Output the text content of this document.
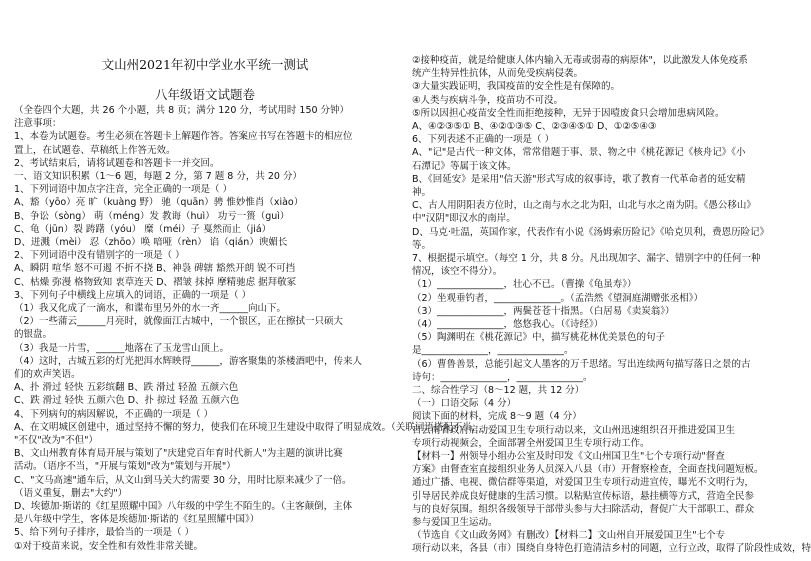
文山州2021年初中学业水平统一测试
八年级语文试题卷
（全卷四个大题，共 26 个小题，共 8 页；满分 120 分，考试用时 150 分钟）
注意事项：
1、本卷为试题卷。考生必须在答题卡上解题作答。答案应书写在答题卡的相应位
置上，在试题卷、草稿纸上作答无效。
2、考试结束后，请将试题卷和答题卡一并交回。
一、语文知识积累（1～6 题，每题 2 分，第 7 题 8 分，共 20 分）
1、下列词语中加点字注音，完全正确的一项是（ ）
A、豁（yōo）亮 旷（kuàng 野） 驰（quān）骋 惟妙惟肖（xiào）
B、争讼（sòng） 萌（méng）发 教诲（huì） 功亏一篑（guì）
C、龟（jūn）裂 踌躇（yóu） 糜（méi）子 戛然而止（jiá）
D、迸溅（mèi） 忍（zhōo）唤 喑哑（rèn） 谄（qián）谀媚长
2、下列词语中没有错别字的一项是（ ）
A、瞬阴 喧华 怒不可遏 不折不挠 B、神袅 碑辖 豁然开朗 锐不可挡
C、枯燥 弥漫 格物致知 衷草连天 D、褶皱 抹掉 摩精驰虑 据拜敬冢
3、下列句子中横线上应填入的词语，正确的一项是（ ）
（1）我又化成了一滴水，和谍布里另外的水一齐______向山下。
（2）一些蒲云______月亮时，就像面江古城中，一个银区，正在擦拭一只硕大
的银盘。
（3）我是一片雪，______地落在了玉龙雪山顶上。
（4）这时，古城五彩的灯光把洱水辉映得______，游客聚集的茶楼酒吧中，传来人
们的欢声笑语。
A、扑 滑过 轻快 五彩缤翻 B、跌 滑过 轻盈 五颜六色
C、跌 滑过 轻快 五颜六色 D、扑 掠过 轻盈 五颜六色
4、下列病句的病因解说，不正确的一项是（ ）
A、在文明城区创建中，通过坚持不懈的努力，使我们在环境卫生建设中取得了明显成效。（关联词语搭配不当，
"不仅"改为"不但"）
B、文山州教育体育局开展与策划了"庆建党百年育时代新人"为主题的演讲比赛
活动。（语序不当，"开展与策划"改为"策划与开展"）
C、"文马高速"通车后，从文山到马关大约需要 30 分，用时比原来减少了一倍。
（语义重复，删去"大约"）
D、埃德加·斯诺的《红星照耀中国》八年级的中学生不陌生的。（主客颠倒，主体
是八年级中学生，客体是埃德加·斯诺的《红星照耀中国》）
5、给下列句子排序，最恰当的一项是（ ）
①对于疫苗来说，安全性和有效性非常关键。
②接种疫苗，就是给健康人体内输入无毒或弱毒的病原体"，以此激发人体免疫系
统产生特异性抗体，从而免受疾病侵袭。
③大量实践证明，我国疫苗的安全性是有保障的。
④人类与疾病斗争，疫苗功不可没。
⑤所以因担心疫苗安全性而拒绝接种，无异于因噎废食只会增加患病风险。
A、④②③⑤① B、④②①③⑤ C、②③④⑤① D、①②⑤④③
6、下列表述不正确的一项是（ ）
A、"记"是古代一种文体，常常借题于事、景、物之中《桃花源记《核舟记》《小
石潭记》等属于该文体。
B、《回延安》是采用"信天游"形式写成的叙事诗，歌了教育一代革命者的延安精
神。
C、古人用阴阳表方位时，山之南与水之北为阳，山北与水之南为阴。《愚公移山》
中"汉阴"即汉水的南岸。
D、马克·吐温，英国作家，代表作有小说《汤姆索历险记》《哈克贝利，费恩历险记》
等。
7、根据提示填空。（每空 1 分，共 8 分。凡出现加字、漏字、错别字中的任何一种
情况，该空不得分）。
（1）______________，壮心不已。（曹操《龟虽寿》）
（2）坐观垂钓者，______________。（孟浩然《望洞庭湖赠张丞相》）
（3）______________，两鬓苍苍十指黑。（白居易《卖炭翁》）
（4）______________，悠悠我心。（《诗经》）
（5）陶渊明在《桃花源记》中，描写桃花林优美景色的句子
是______________，______________。
（6）曹鲁善景，总能引起文人墨客的万千思绪。写出连续两句描写落日之景的古
诗句：______________，______________。
二、综合性学习（8～12 题，共 12 分）
（一）口语交际（4 分）
阅读下面的材料，完成 8～9 题（4 分）
自云南省政府启动爱国卫生专项行动以来，文山州迅速组织召开推进爱国卫生
专项行动视频会，全面部署全州爱国卫生专项行动工作。
【材料一】州领导小组办公室及时印发《文山州国卫生"七个专项行动"督查
方案》由督查室直接组织业务人员深入八县（市）开督察检查，全面查找问题短板。
通过广播、电视、微信群等渠道，对爱国卫生专项行动进宣传，曝光不文明行为，
引导居民养成良好健康的生活习惯。以粘贴宣传标语，悬挂横等方式，营造全民参
与的良好氛围。组织各级领导干部带头参与大扫除活动，督促广大干部职工、群众
参与爱国卫生运动。
（节选自《文山政务网》有删改）【材料二】文山州自开展爱国卫生"七个专
项行动以来，各县（市）围绕自身特色打造清洁乡村的同题，立行立改，取得了阶段性成效，特
